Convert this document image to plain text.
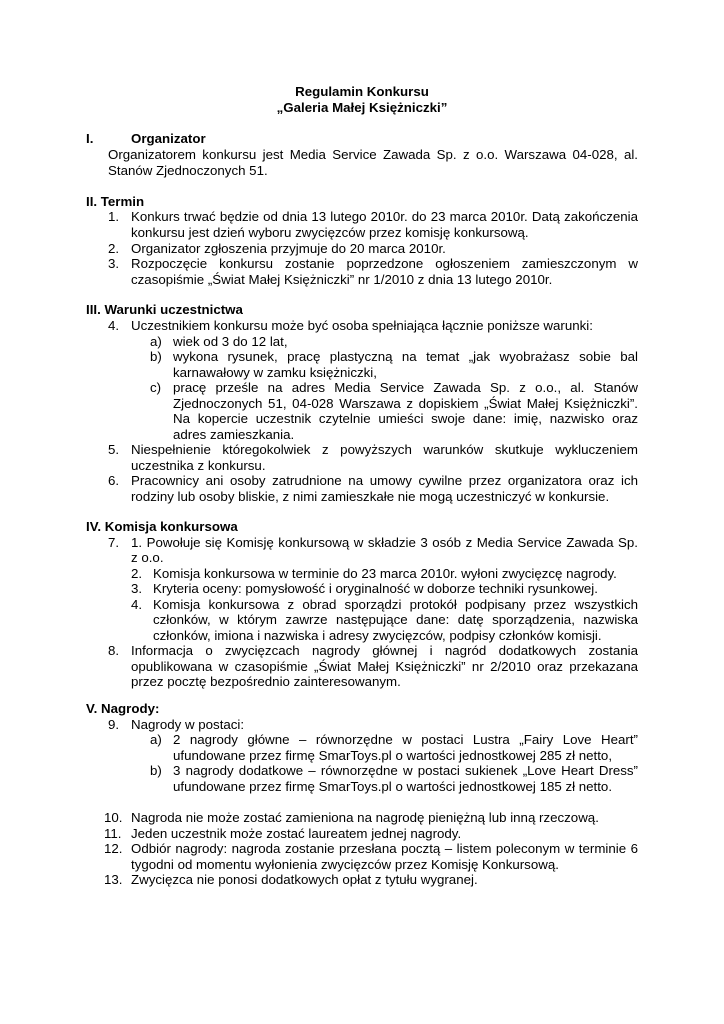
Regulamin Konkursu
„Galeria Małej Księżniczki”
I.	Organizator
Organizatorem konkursu jest Media Service Zawada Sp. z o.o. Warszawa 04-028, al.
Stanów Zjednoczonych 51.
II. Termin
1. Konkurs trwać będzie od dnia 13 lutego 2010r. do 23 marca 2010r. Datą zakończenia
konkursu jest dzień wyboru zwycięzców przez komisję konkursową.
2. Organizator zgłoszenia przyjmuje do 20 marca 2010r.
3. Rozpoczęcie konkursu zostanie poprzedzone ogłoszeniem zamieszczonym w
czasopiśmie „Świat Małej Księżniczki” nr 1/2010 z dnia 13 lutego 2010r.
III. Warunki uczestnictwa
4. Uczestnikiem konkursu może być osoba spełniająca łącznie poniższe warunki:
a) wiek od 3 do 12 lat,
b) wykona rysunek, pracę plastyczną na temat „jak wyobrażasz sobie bal
karnawałowy w zamku księżniczki,
c) pracę prześle na adres Media Service Zawada Sp. z o.o., al. Stanów
Zjednoczonych 51, 04-028 Warszawa z dopiskiem „Świat Małej Księżniczki”.
Na kopercie uczestnik czytelnie umieści swoje dane: imię, nazwisko oraz
adres zamieszkania.
5. Niespełnienie któregokolwiek z powyższych warunków skutkuje wykluczeniem
uczestnika z konkursu.
6. Pracownicy ani osoby zatrudnione na umowy cywilne przez organizatora oraz ich
rodziny lub osoby bliskie, z nimi zamieszkałe nie mogą uczestniczyć w konkursie.
IV. Komisja konkursowa
7. 1. Powołuje się Komisję konkursową w składzie 3 osób z Media Service Zawada Sp.
z o.o.
2. Komisja konkursowa w terminie do 23 marca 2010r. wyłoni zwycięzcę nagrody.
3. Kryteria oceny: pomysłowość i oryginalność w doborze techniki rysunkowej.
4. Komisja konkursowa z obrad sporządzi protokół podpisany przez wszystkich
członków, w którym zawrze następujące dane: datę sporządzenia, nazwiska
członków, imiona i nazwiska i adresy zwycięzców, podpisy członków komisji.
8. Informacja o zwycięzcach nagrody głównej i nagród dodatkowych zostania
opublikowana w czasopiśmie „Świat Małej Księżniczki” nr 2/2010 oraz przekazana
przez pocztę bezpośrednio zainteresowanym.
V. Nagrody:
9. Nagrody w postaci:
a) 2 nagrody główne – równorzędne w postaci Lustra „Fairy Love Heart”
ufundowane przez firmę SmarToys.pl o wartości jednostkowej 285 zł netto,
b) 3 nagrody dodatkowe – równorzędne w postaci sukienek „Love Heart Dress”
ufundowane przez firmę SmarToys.pl o wartości jednostkowej 185 zł netto.
10. Nagroda nie może zostać zamieniona na nagrodę pieniężną lub inną rzeczową.
11. Jeden uczestnik może zostać laureatem jednej nagrody.
12. Odbiór nagrody: nagroda zostanie przesłana pocztą – listem poleconym w terminie 6
tygodni od momentu wyłonienia zwycięzców przez Komisję Konkursową.
13. Zwycięzca nie ponosi dodatkowych opłat z tytułu wygranej.
